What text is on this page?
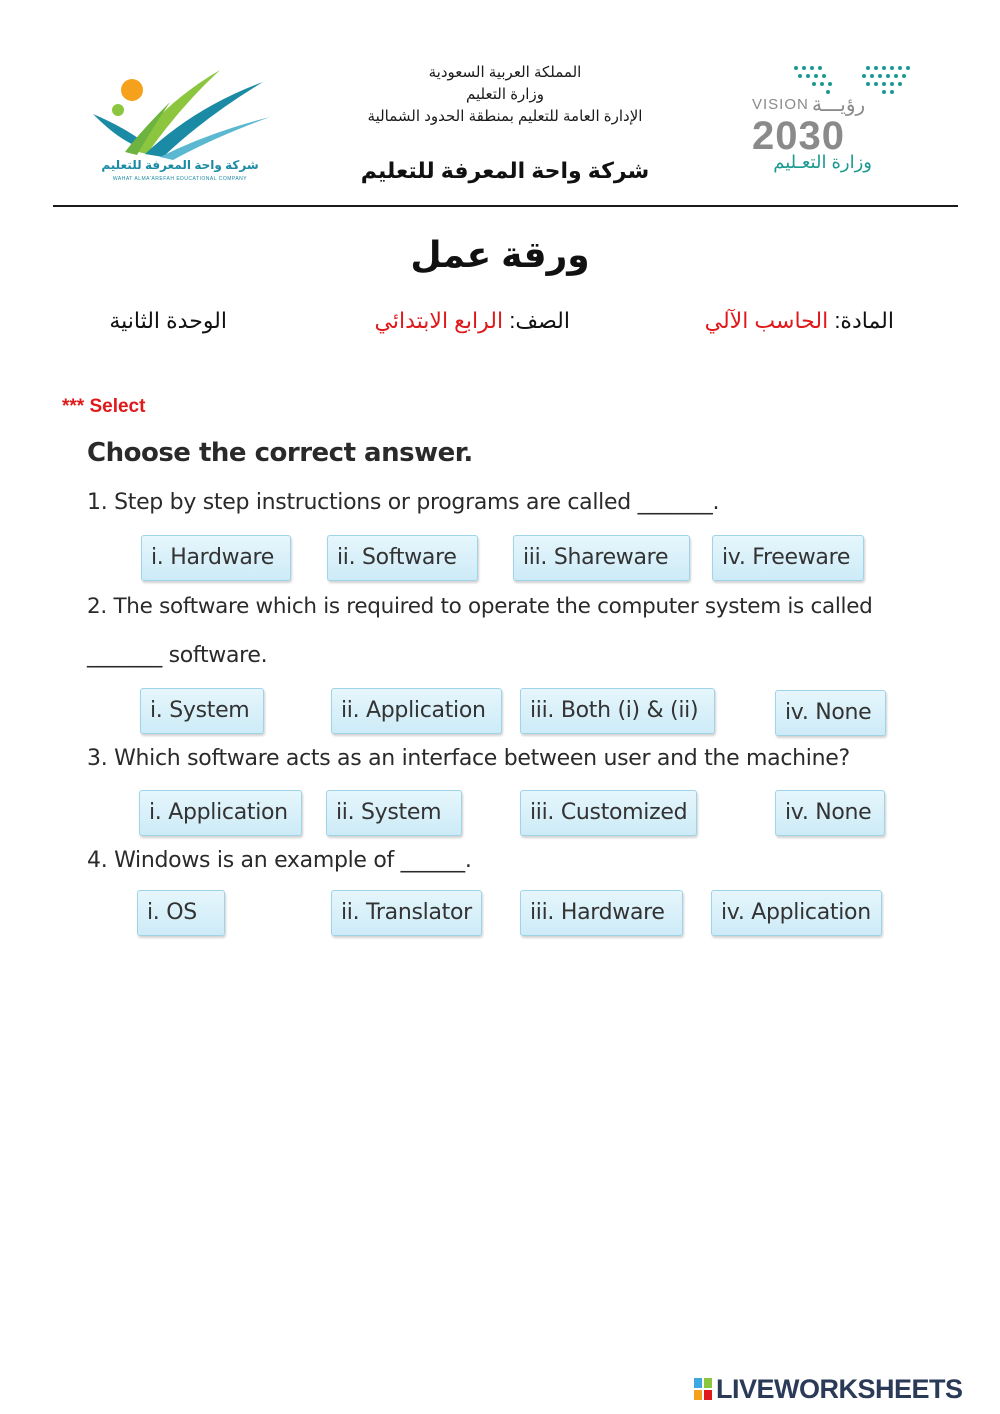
المملكة العربية السعودية
وزارة التعليم
الإدارة العامة للتعليم بمنطقة الحدود الشمالية
شركة واحة المعرفة للتعليم
شركة واحة المعرفة للتعليم
WAHAT ALMA'AREFAH EDUCATIONAL COMPANY
VISION رؤيـــة
2030
وزارة التعـليم
ورقة عمل
المادة: الحاسب الآلي
الصف: الرابع الابتدائي
الوحدة الثانية
*** Select
Choose the correct answer.
1. Step by step instructions or programs are called _______.
i. Hardware	ii. Software	iii. Shareware	iv. Freeware
2. The software which is required to operate the computer system is called
_______ software.
i. System	ii. Application	iii. Both (i) & (ii)	iv. None
3. Which software acts as an interface between user and the machine?
i. Application	ii. System	iii. Customized	iv. None
4. Windows is an example of ______.
i. OS	ii. Translator	iii. Hardware	iv. Application
LIVEWORKSHEETS
